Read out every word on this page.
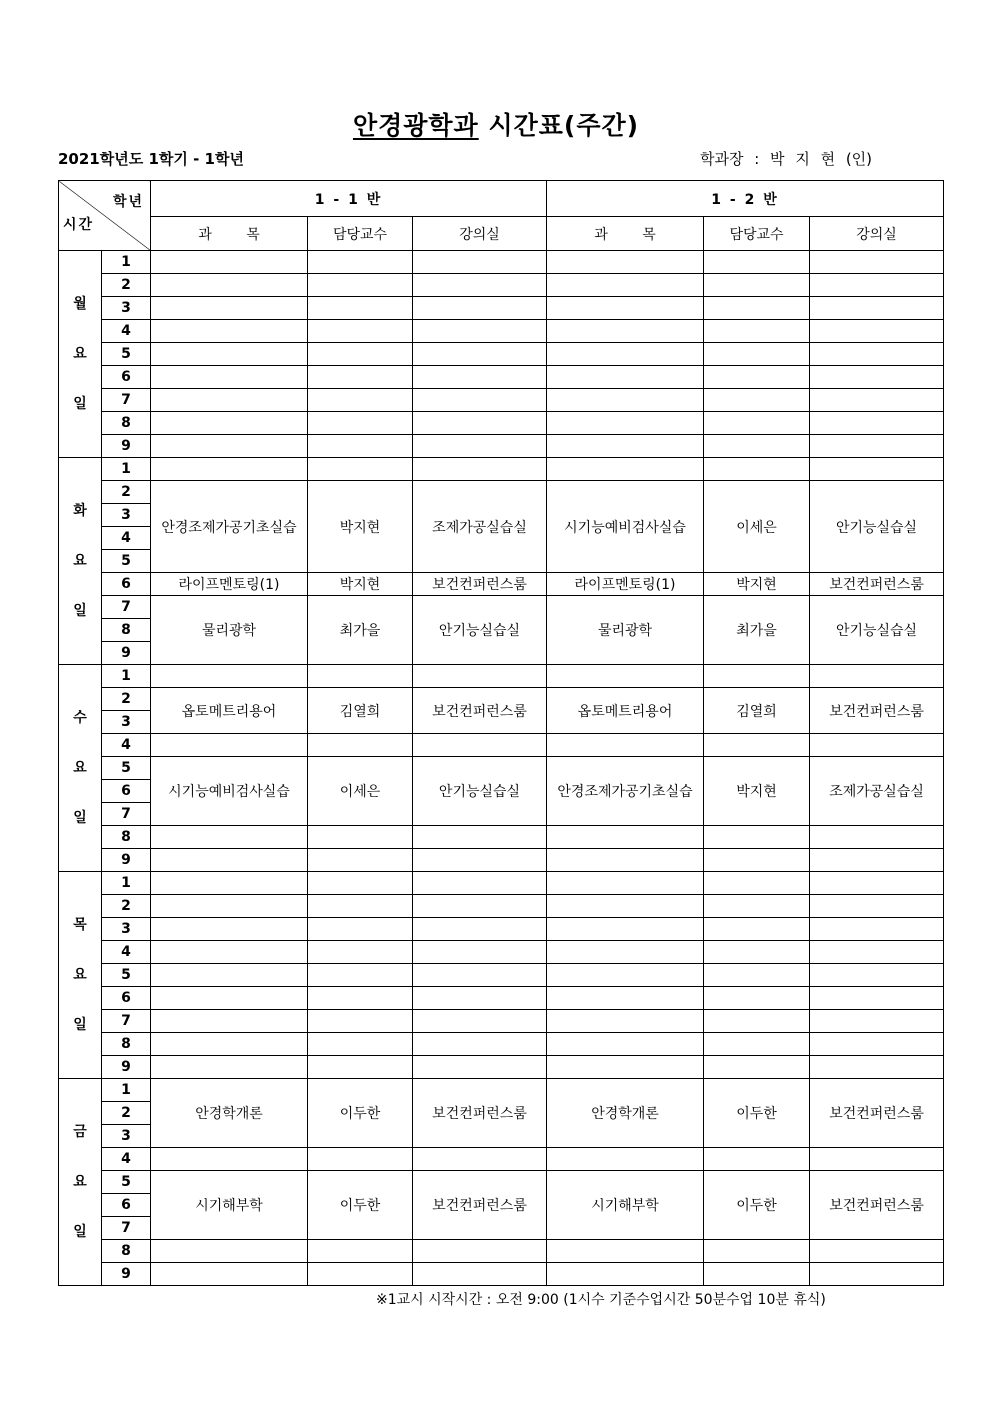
안경광학과 시간표(주간)
2021학년도 1학기 - 1학년	학과장 : 박 지 현 (인)
학년
시간		1 - 1 반			1 - 2 반		
		과 목	담당교수	강의실	과 목	담당교수	강의실

월
요
일	1						
	2						
	3						
	4						
	5						
	6						
	7						
	8						
	9						

화
요
일	1						
	2	안경조제가공기초실습	박지현	조제가공실습실	시기능예비검사실습	이세은	안기능실습실
	3						
	4						
	5						
	6	라이프멘토링(1)	박지현	보건컨퍼런스룸	라이프멘토링(1)	박지현	보건컨퍼런스룸
	7	물리광학	최가을	안기능실습실	물리광학	최가을	안기능실습실
	8						
	9						

수
요
일	1						
	2	옵토메트리용어	김열희	보건컨퍼런스룸	옵토메트리용어	김열희	보건컨퍼런스룸
	3						
	4						
	5	시기능예비검사실습	이세은	안기능실습실	안경조제가공기초실습	박지현	조제가공실습실
	6						
	7						
	8						
	9						

목
요
일	1						
	2						
	3						
	4						
	5						
	6						
	7						
	8						
	9						

금
요
일	1	안경학개론	이두한	보건컨퍼런스룸	안경학개론	이두한	보건컨퍼런스룸
	2						
	3						
	4						
	5	시기해부학	이두한	보건컨퍼런스룸	시기해부학	이두한	보건컨퍼런스룸
	6						
	7						
	8						
	9						
※1교시 시작시간 : 오전 9:00 (1시수 기준수업시간 50분수업 10분 휴식)
